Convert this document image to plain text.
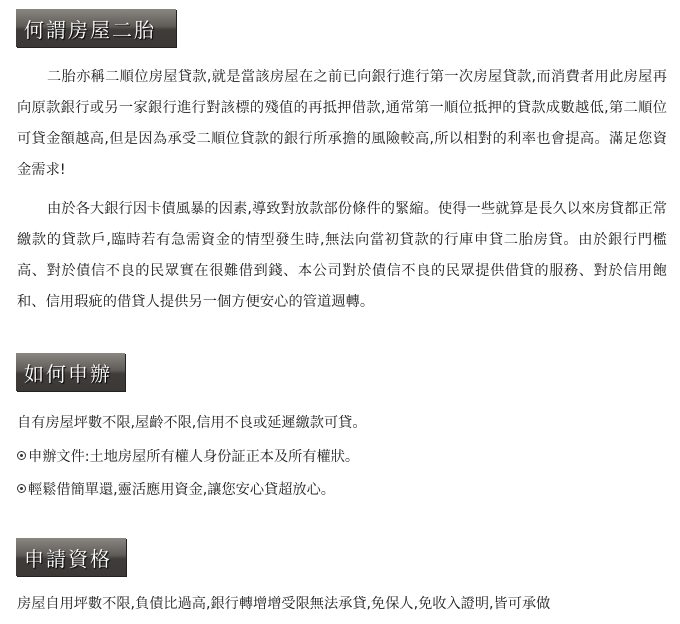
何謂房屋二胎

二胎亦稱二順位房屋貸款,就是當該房屋在之前已向銀行進行第一次房屋貸款,而消費者用此房屋再向原款銀行或另一家銀行進行對該標的殘值的再抵押借款,通常第一順位抵押的貸款成數越低,第二順位可貸金額越高,但是因為承受二順位貸款的銀行所承擔的風險較高,所以相對的利率也會提高。滿足您資金需求!

由於各大銀行因卡債風暴的因素,導致對放款部份條件的緊縮。使得一些就算是長久以來房貸都正常繳款的貸款戶,臨時若有急需資金的情型發生時,無法向當初貸款的行庫申貸二胎房貸。由於銀行門檻高、對於債信不良的民眾實在很難借到錢、本公司對於債信不良的民眾提供借貸的服務、對於信用飽和、信用瑕疵的借貸人提供另一個方便安心的管道週轉。

如何申辦

自有房屋坪數不限,屋齡不限,信用不良或延遲繳款可貸。

申辦文件:土地房屋所有權人身份証正本及所有權狀。

輕鬆借簡單還,靈活應用資金,讓您安心貸超放心。

申請資格

房屋自用坪數不限,負債比過高,銀行轉增增受限無法承貸,免保人,免收入證明,皆可承做
